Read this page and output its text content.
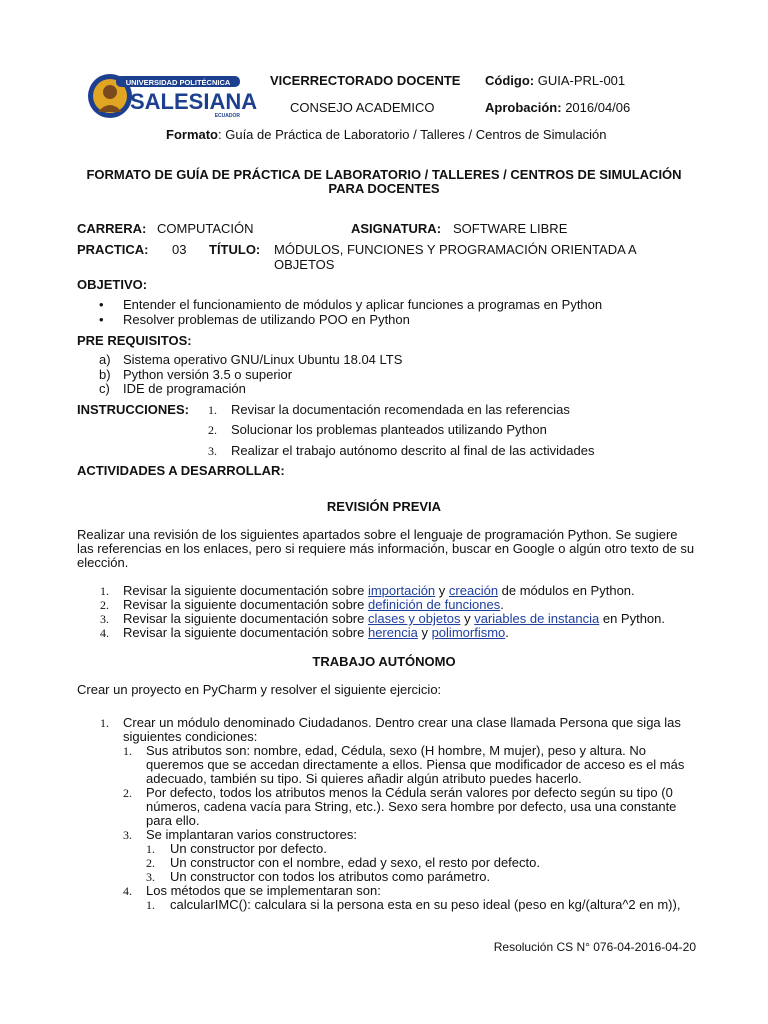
UNIVERSIDAD POLITÉCNICA
SALESIANA
ECUADOR
VICERRECTORADO DOCENTE
CONSEJO ACADEMICO
Código: GUIA-PRL-001
Aprobación: 2016/04/06
Formato: Guía de Práctica de Laboratorio / Talleres / Centros de Simulación
FORMATO DE GUÍA DE PRÁCTICA DE LABORATORIO / TALLERES / CENTROS DE SIMULACIÓN
PARA DOCENTES
CARRERA: COMPUTACIÓN	ASIGNATURA: SOFTWARE LIBRE
PRACTICA: 03 TÍTULO: MÓDULOS, FUNCIONES Y PROGRAMACIÓN ORIENTADA A
OBJETOS
OBJETIVO:
• Entender el funcionamiento de módulos y aplicar funciones a programas en Python
• Resolver problemas de utilizando POO en Python
PRE REQUISITOS:
a) Sistema operativo GNU/Linux Ubuntu 18.04 LTS
b) Python versión 3.5 o superior
c) IDE de programación
INSTRUCCIONES: 1. Revisar la documentación recomendada en las referencias
2. Solucionar los problemas planteados utilizando Python
3. Realizar el trabajo autónomo descrito al final de las actividades
ACTIVIDADES A DESARROLLAR:
REVISIÓN PREVIA
Realizar una revisión de los siguientes apartados sobre el lenguaje de programación Python. Se sugiere
las referencias en los enlaces, pero si requiere más información, buscar en Google o algún otro texto de su
elección.
1. Revisar la siguiente documentación sobre importación y creación de módulos en Python.
2. Revisar la siguiente documentación sobre definición de funciones.
3. Revisar la siguiente documentación sobre clases y objetos y variables de instancia en Python.
4. Revisar la siguiente documentación sobre herencia y polimorfismo.
TRABAJO AUTÓNOMO
Crear un proyecto en PyCharm y resolver el siguiente ejercicio:
1. Crear un módulo denominado Ciudadanos. Dentro crear una clase llamada Persona que siga las
siguientes condiciones:
1. Sus atributos son: nombre, edad, Cédula, sexo (H hombre, M mujer), peso y altura. No
queremos que se accedan directamente a ellos. Piensa que modificador de acceso es el más
adecuado, también su tipo. Si quieres añadir algún atributo puedes hacerlo.
2. Por defecto, todos los atributos menos la Cédula serán valores por defecto según su tipo (0
números, cadena vacía para String, etc.). Sexo sera hombre por defecto, usa una constante
para ello.
3. Se implantaran varios constructores:
1. Un constructor por defecto.
2. Un constructor con el nombre, edad y sexo, el resto por defecto.
3. Un constructor con todos los atributos como parámetro.
4. Los métodos que se implementaran son:
1. calcularIMC(): calculara si la persona esta en su peso ideal (peso en kg/(altura^2 en m)),
Resolución CS N° 076-04-2016-04-20
